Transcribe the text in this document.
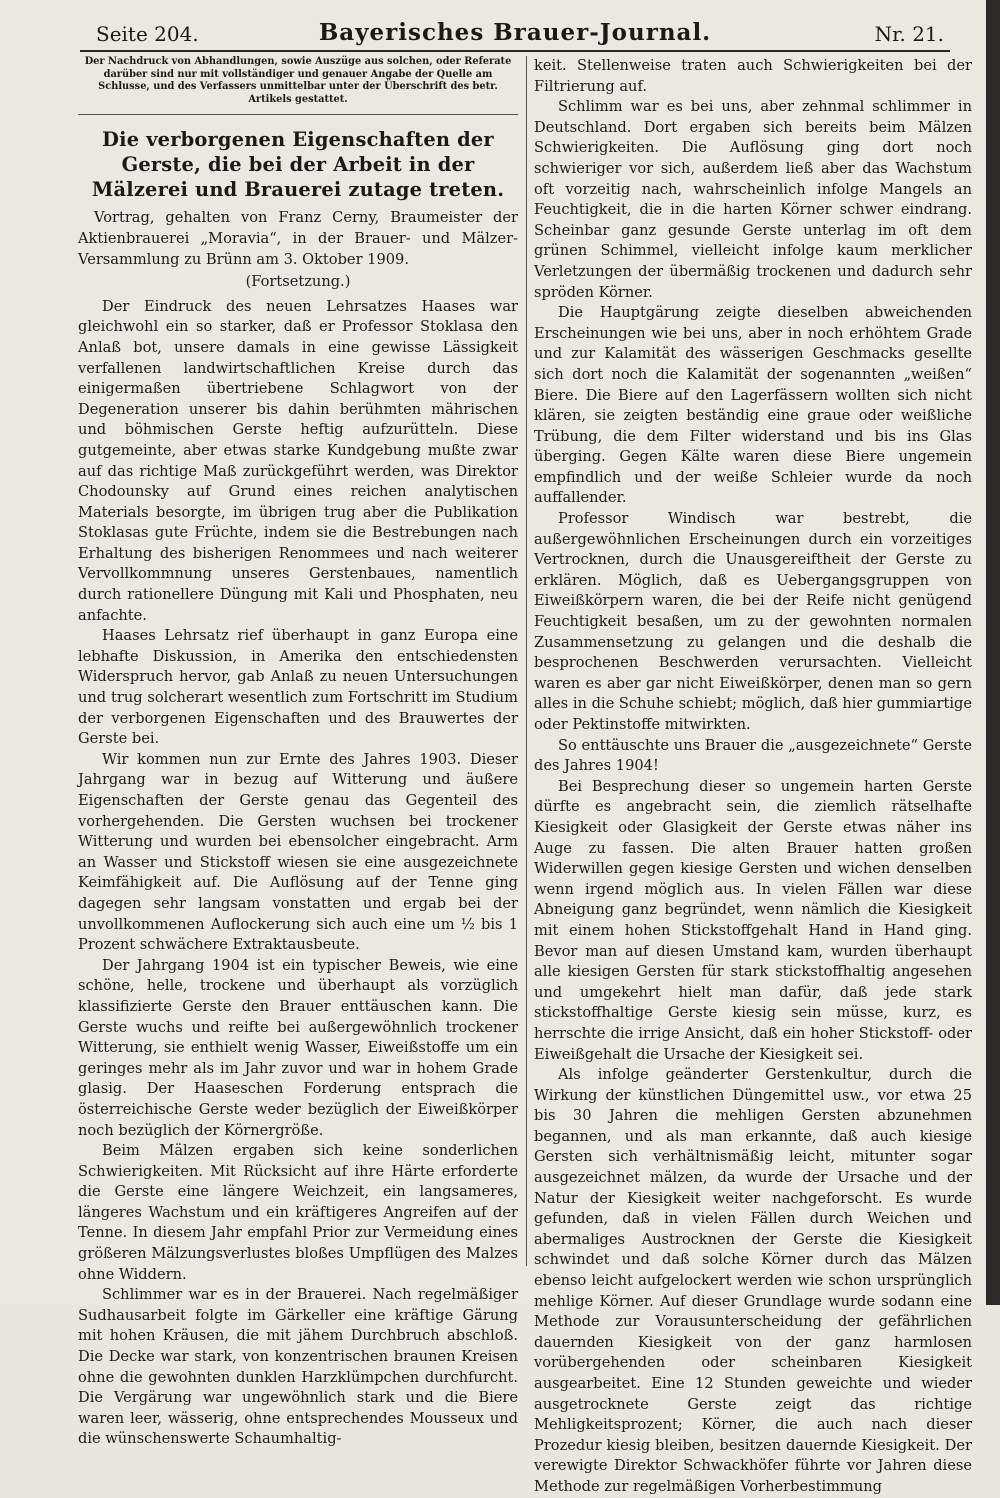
Seite 204.	Bayerisches Brauer-Journal.	Nr. 21.
Der Nachdruck von Abhandlungen, sowie Auszüge aus solchen, oder Referate darüber sind nur mit vollständiger und genauer Angabe der Quelle am Schlusse, und des Verfassers unmittelbar unter der Überschrift des betr. Artikels gestattet.
Die verborgenen Eigenschaften der Gerste, die bei der Arbeit in der Mälzerei und Brauerei zutage treten.
Vortrag, gehalten von Franz Cerny, Braumeister der Aktienbrauerei „Moravia“, in der Brauer- und Mälzer-Versammlung zu Brünn am 3. Oktober 1909.
(Fortsetzung.)

Der Eindruck des neuen Lehrsatzes Haases war gleichwohl ein so starker, daß er Professor Stoklasa den Anlaß bot, unsere damals in eine gewisse Lässigkeit verfallenen landwirtschaftlichen Kreise durch das einigermaßen übertriebene Schlagwort von der Degeneration unserer bis dahin berühmten mährischen und böhmischen Gerste heftig aufzurütteln. Diese gutgemeinte, aber etwas starke Kundgebung mußte zwar auf das richtige Maß zurückgeführt werden, was Direktor Chodounsky auf Grund eines reichen analytischen Materials besorgte, im übrigen trug aber die Publikation Stoklasas gute Früchte, indem sie die Bestrebungen nach Erhaltung des bisherigen Renommees und nach weiterer Vervollkommnung unseres Gerstenbaues, namentlich durch rationellere Düngung mit Kali und Phosphaten, neu anfachte.

Haases Lehrsatz rief überhaupt in ganz Europa eine lebhafte Diskussion, in Amerika den entschiedensten Widerspruch hervor, gab Anlaß zu neuen Untersuchungen und trug solcherart wesentlich zum Fortschritt im Studium der verborgenen Eigenschaften und des Brauwertes der Gerste bei.

Wir kommen nun zur Ernte des Jahres 1903. Dieser Jahrgang war in bezug auf Witterung und äußere Eigenschaften der Gerste genau das Gegenteil des vorhergehenden. Die Gersten wuchsen bei trockener Witterung und wurden bei ebensolcher eingebracht. Arm an Wasser und Stickstoff wiesen sie eine ausgezeichnete Keimfähigkeit auf. Die Auflösung auf der Tenne ging dagegen sehr langsam vonstatten und ergab bei der unvollkommenen Auflockerung sich auch eine um ½ bis 1 Prozent schwächere Extraktausbeute.

Der Jahrgang 1904 ist ein typischer Beweis, wie eine schöne, helle, trockene und überhaupt als vorzüglich klassifizierte Gerste den Brauer enttäuschen kann. Die Gerste wuchs und reifte bei außergewöhnlich trockener Witterung, sie enthielt wenig Wasser, Eiweißstoffe um ein geringes mehr als im Jahr zuvor und war in hohem Grade glasig. Der Haaseschen Forderung entsprach die österreichische Gerste weder bezüglich der Eiweißkörper noch bezüglich der Körnergröße.

Beim Mälzen ergaben sich keine sonderlichen Schwierigkeiten. Mit Rücksicht auf ihre Härte erforderte die Gerste eine längere Weichzeit, ein langsameres, längeres Wachstum und ein kräftigeres Angreifen auf der Tenne. In diesem Jahr empfahl Prior zur Vermeidung eines größeren Mälzungsverlustes bloßes Umpflügen des Malzes ohne Widdern.

Schlimmer war es in der Brauerei. Nach regelmäßiger Sudhausarbeit folgte im Gärkeller eine kräftige Gärung mit hohen Kräusen, die mit jähem Durchbruch abschloß. Die Decke war stark, von konzentrischen braunen Kreisen ohne die gewohnten dunklen Harzklümpchen durchfurcht. Die Vergärung war ungewöhnlich stark und die Biere waren leer, wässerig, ohne entsprechendes Mousseux und die wünschenswerte Schaumhaltig-

keit. Stellenweise traten auch Schwierigkeiten bei der Filtrierung auf.

Schlimm war es bei uns, aber zehnmal schlimmer in Deutschland. Dort ergaben sich bereits beim Mälzen Schwierigkeiten. Die Auflösung ging dort noch schwieriger vor sich, außerdem ließ aber das Wachstum oft vorzeitig nach, wahrscheinlich infolge Mangels an Feuchtigkeit, die in die harten Körner schwer eindrang. Scheinbar ganz gesunde Gerste unterlag im oft dem grünen Schimmel, vielleicht infolge kaum merklicher Verletzungen der übermäßig trockenen und dadurch sehr spröden Körner.

Die Hauptgärung zeigte dieselben abweichenden Erscheinungen wie bei uns, aber in noch erhöhtem Grade und zur Kalamität des wässerigen Geschmacks gesellte sich dort noch die Kalamität der sogenannten „weißen“ Biere. Die Biere auf den Lagerfässern wollten sich nicht klären, sie zeigten beständig eine graue oder weißliche Trübung, die dem Filter widerstand und bis ins Glas überging. Gegen Kälte waren diese Biere ungemein empfindlich und der weiße Schleier wurde da noch auffallender.

Professor Windisch war bestrebt, die außergewöhnlichen Erscheinungen durch ein vorzeitiges Vertrocknen, durch die Unausgereiftheit der Gerste zu erklären. Möglich, daß es Uebergangsgruppen von Eiweißkörpern waren, die bei der Reife nicht genügend Feuchtigkeit besaßen, um zu der gewohnten normalen Zusammensetzung zu gelangen und die deshalb die besprochenen Beschwerden verursachten. Vielleicht waren es aber gar nicht Eiweißkörper, denen man so gern alles in die Schuhe schiebt; möglich, daß hier gummiartige oder Pektinstoffe mitwirkten.

So enttäuschte uns Brauer die „ausgezeichnete“ Gerste des Jahres 1904!

Bei Besprechung dieser so ungemein harten Gerste dürfte es angebracht sein, die ziemlich rätselhafte Kiesigkeit oder Glasigkeit der Gerste etwas näher ins Auge zu fassen. Die alten Brauer hatten großen Widerwillen gegen kiesige Gersten und wichen denselben wenn irgend möglich aus. In vielen Fällen war diese Abneigung ganz begründet, wenn nämlich die Kiesigkeit mit einem hohen Stickstoffgehalt Hand in Hand ging. Bevor man auf diesen Umstand kam, wurden überhaupt alle kiesigen Gersten für stark stickstoffhaltig angesehen und umgekehrt hielt man dafür, daß jede stark stickstoffhaltige Gerste kiesig sein müsse, kurz, es herrschte die irrige Ansicht, daß ein hoher Stickstoff- oder Eiweißgehalt die Ursache der Kiesigkeit sei.

Als infolge geänderter Gerstenkultur, durch die Wirkung der künstlichen Düngemittel usw., vor etwa 25 bis 30 Jahren die mehligen Gersten abzunehmen begannen, und als man erkannte, daß auch kiesige Gersten sich verhältnismäßig leicht, mitunter sogar ausgezeichnet mälzen, da wurde der Ursache und der Natur der Kiesigkeit weiter nachgeforscht. Es wurde gefunden, daß in vielen Fällen durch Weichen und abermaliges Austrocknen der Gerste die Kiesigkeit schwindet und daß solche Körner durch das Mälzen ebenso leicht aufgelockert werden wie schon ursprünglich mehlige Körner. Auf dieser Grundlage wurde sodann eine Methode zur Vorausunterscheidung der gefährlichen dauernden Kiesigkeit von der ganz harmlosen vorübergehenden oder scheinbaren Kiesigkeit ausgearbeitet. Eine 12 Stunden geweichte und wieder ausgetrocknete Gerste zeigt das richtige Mehligkeitsprozent; Körner, die auch nach dieser Prozedur kiesig bleiben, besitzen dauernde Kiesigkeit. Der verewigte Direktor Schwackhöfer führte vor Jahren diese Methode zur regelmäßigen Vorherbestimmung
